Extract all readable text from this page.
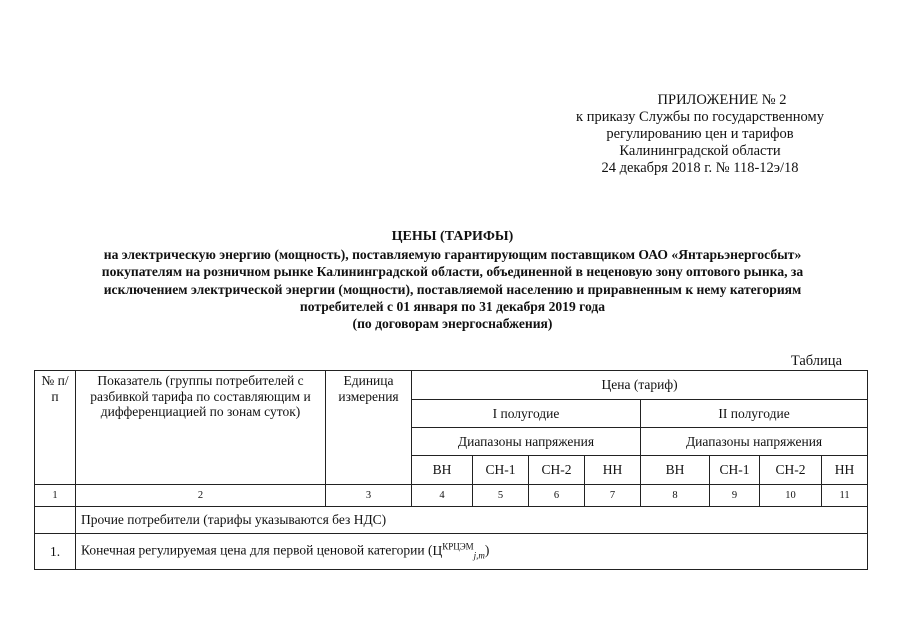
ПРИЛОЖЕНИЕ № 2
к приказу Службы по государственному
регулированию цен и тарифов
Калининградской области
24 декабря 2018 г. № 118-12э/18
ЦЕНЫ (ТАРИФЫ)
на электрическую энергию (мощность), поставляемую гарантирующим поставщиком ОАО «Янтарьэнергосбыт»
покупателям на розничном рынке Калининградской области, объединенной в неценовую зону оптового рынка, за
исключением электрической энергии (мощности), поставляемой населению и приравненным к нему категориям
потребителей с 01 января по 31 декабря 2019 года
(по договорам энергоснабжения)
Таблица
№ п/п	Показатель (группы потребителей с разбивкой тарифа по составляющим и дифференциацией по зонам суток)	Единица измерения	Цена (тариф)							
			I полугодие				II полугодие			
			Диапазоны напряжения				Диапазоны напряжения			
			ВН	СН-1	СН-2	НН	ВН	СН-1	СН-2	НН
1	2	3	4	5	6	7	8	9	10	11
	Прочие потребители (тарифы указываются без НДС)									
1.	Конечная регулируемая цена для первой ценовой категории $(Ц^{КРЦЭМ}_{j,m})$									
